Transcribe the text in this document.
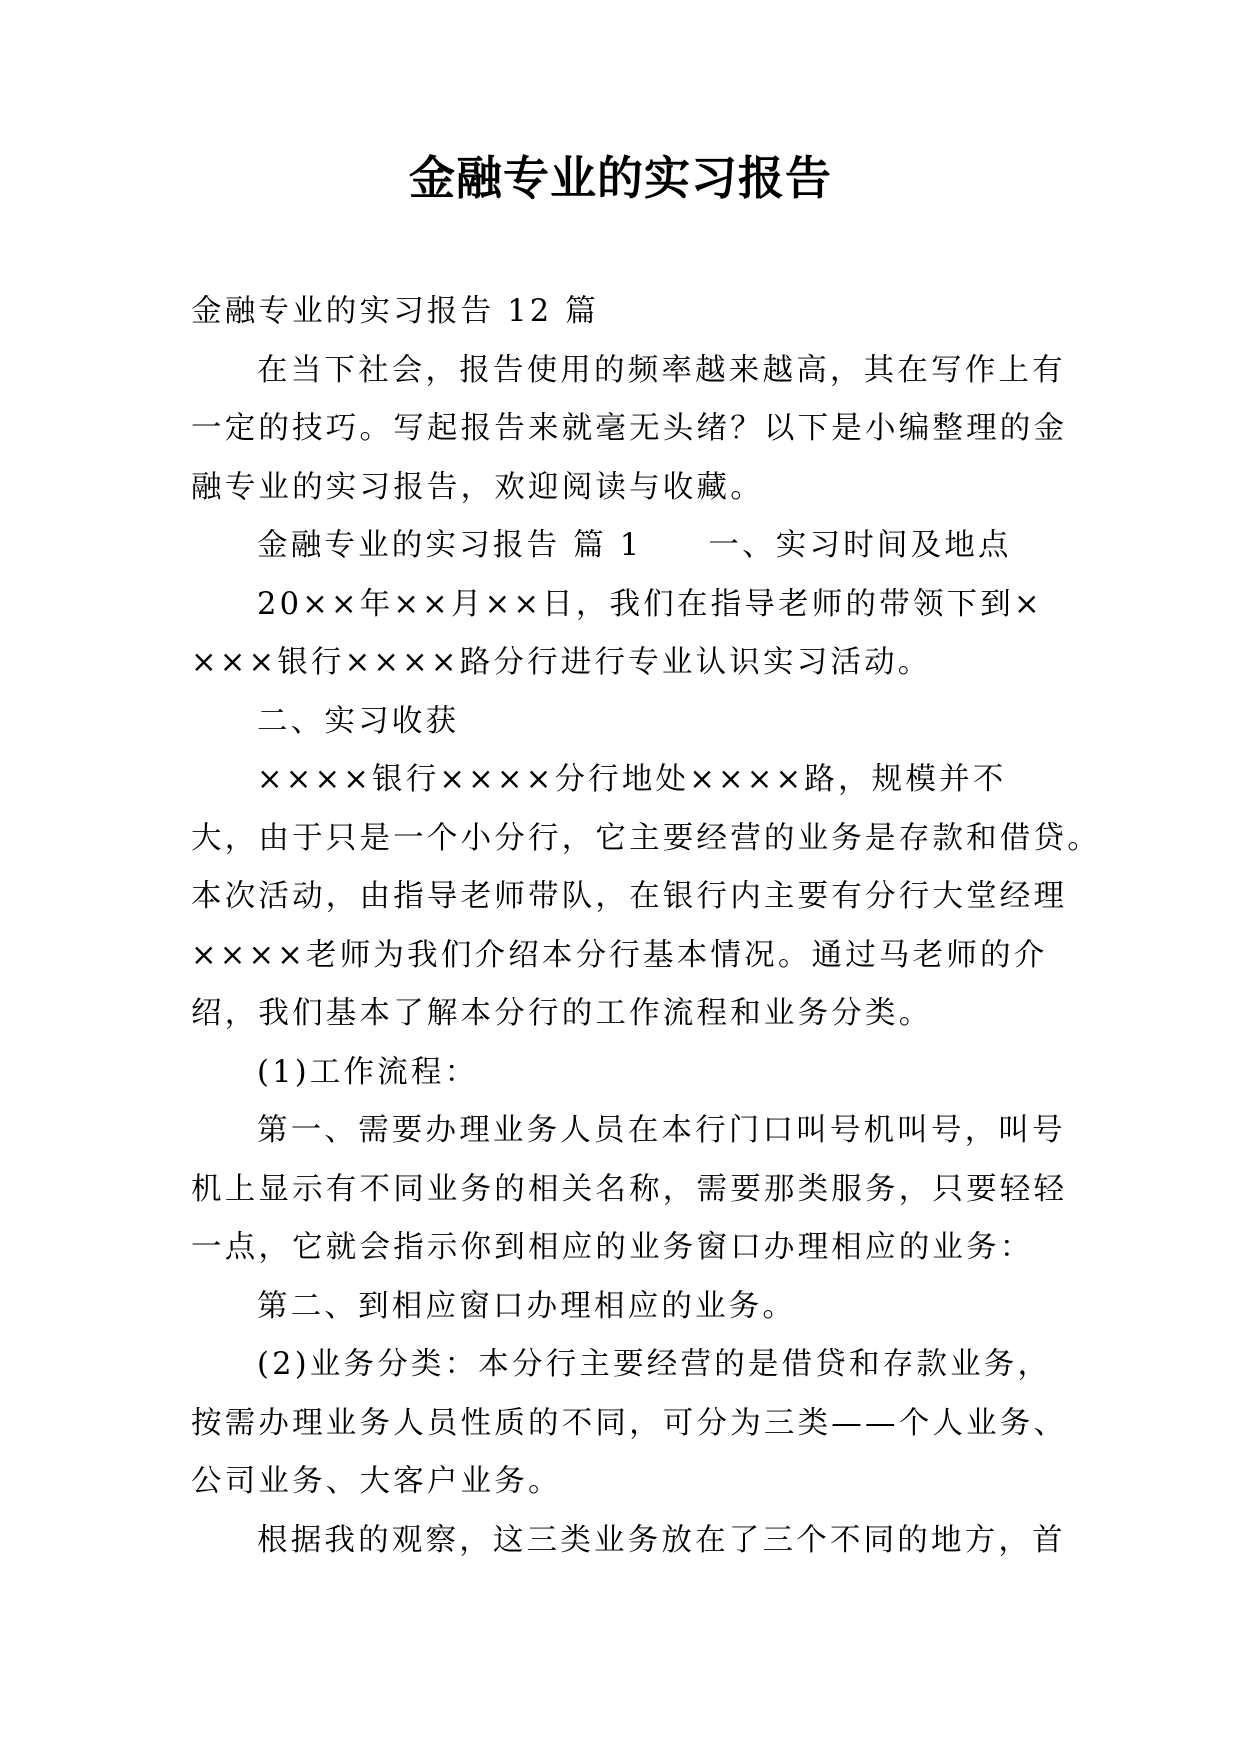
金融专业的实习报告
金融专业的实习报告 12 篇
在当下社会，报告使用的频率越来越高，其在写作上有
一定的技巧。写起报告来就毫无头绪？以下是小编整理的金
融专业的实习报告，欢迎阅读与收藏。
金融专业的实习报告 篇 1 一、实习时间及地点
20××年××月××日，我们在指导老师的带领下到×
×××银行××××路分行进行专业认识实习活动。
二、实习收获
××××银行××××分行地处××××路，规模并不
大，由于只是一个小分行，它主要经营的业务是存款和借贷。
本次活动，由指导老师带队，在银行内主要有分行大堂经理
××××老师为我们介绍本分行基本情况。通过马老师的介
绍，我们基本了解本分行的工作流程和业务分类。
(1)工作流程：
第一、需要办理业务人员在本行门口叫号机叫号，叫号
机上显示有不同业务的相关名称，需要那类服务，只要轻轻
一点，它就会指示你到相应的业务窗口办理相应的业务：
第二、到相应窗口办理相应的业务。
(2)业务分类：本分行主要经营的是借贷和存款业务，
按需办理业务人员性质的不同，可分为三类——个人业务、
公司业务、大客户业务。
根据我的观察，这三类业务放在了三个不同的地方，首
